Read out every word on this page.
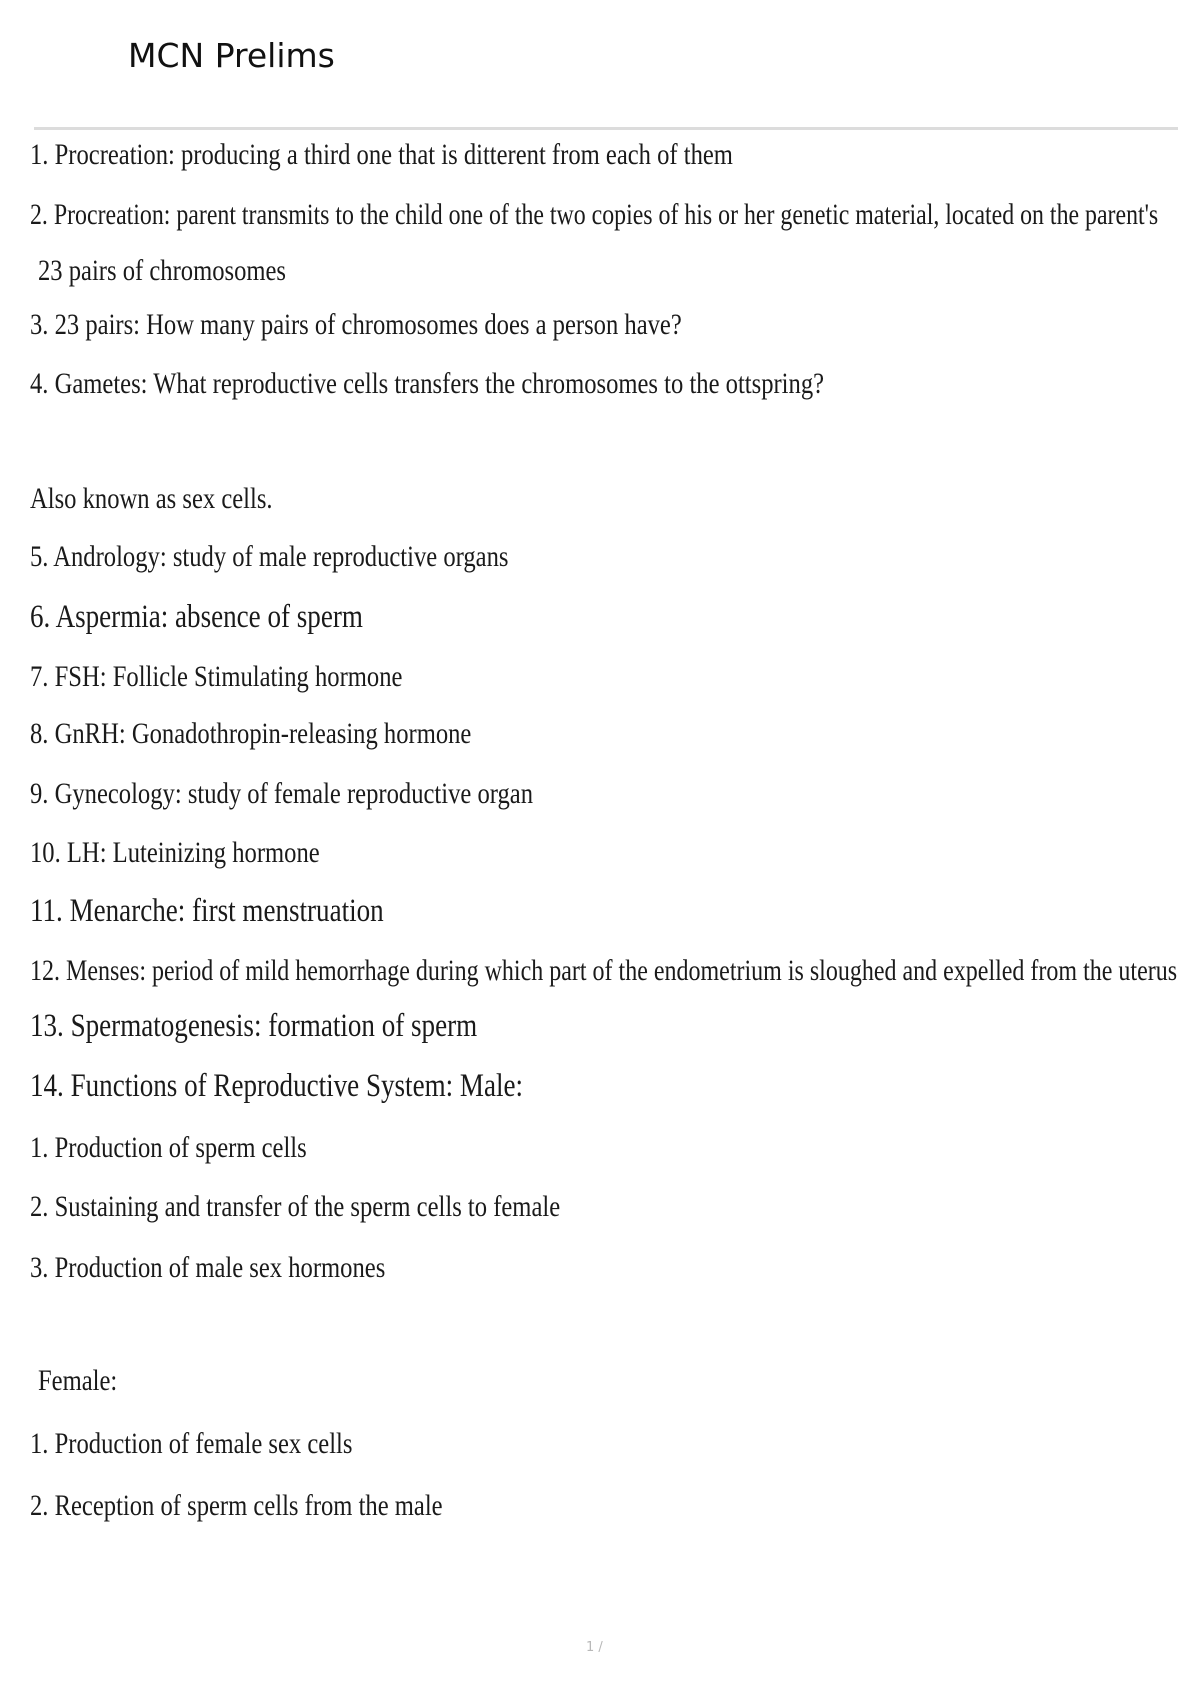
MCN Prelims

1. Procreation: producing a third one that is ditterent from each of them

2. Procreation: parent transmits to the child one of the two copies of his or her genetic material, located on the parent's

23 pairs of chromosomes

3. 23 pairs: How many pairs of chromosomes does a person have?

4. Gametes: What reproductive cells transfers the chromosomes to the ottspring?

Also known as sex cells.

5. Andrology: study of male reproductive organs

6. Aspermia: absence of sperm

7. FSH: Follicle Stimulating hormone

8. GnRH: Gonadothropin-releasing hormone

9. Gynecology: study of female reproductive organ

10. LH: Luteinizing hormone

11. Menarche: first menstruation

12. Menses: period of mild hemorrhage during which part of the endometrium is sloughed and expelled from the uterus

13. Spermatogenesis: formation of sperm

14. Functions of Reproductive System: Male:

1. Production of sperm cells

2. Sustaining and transfer of the sperm cells to female

3. Production of male sex hormones

Female:

1. Production of female sex cells

2. Reception of sperm cells from the male

1 /
